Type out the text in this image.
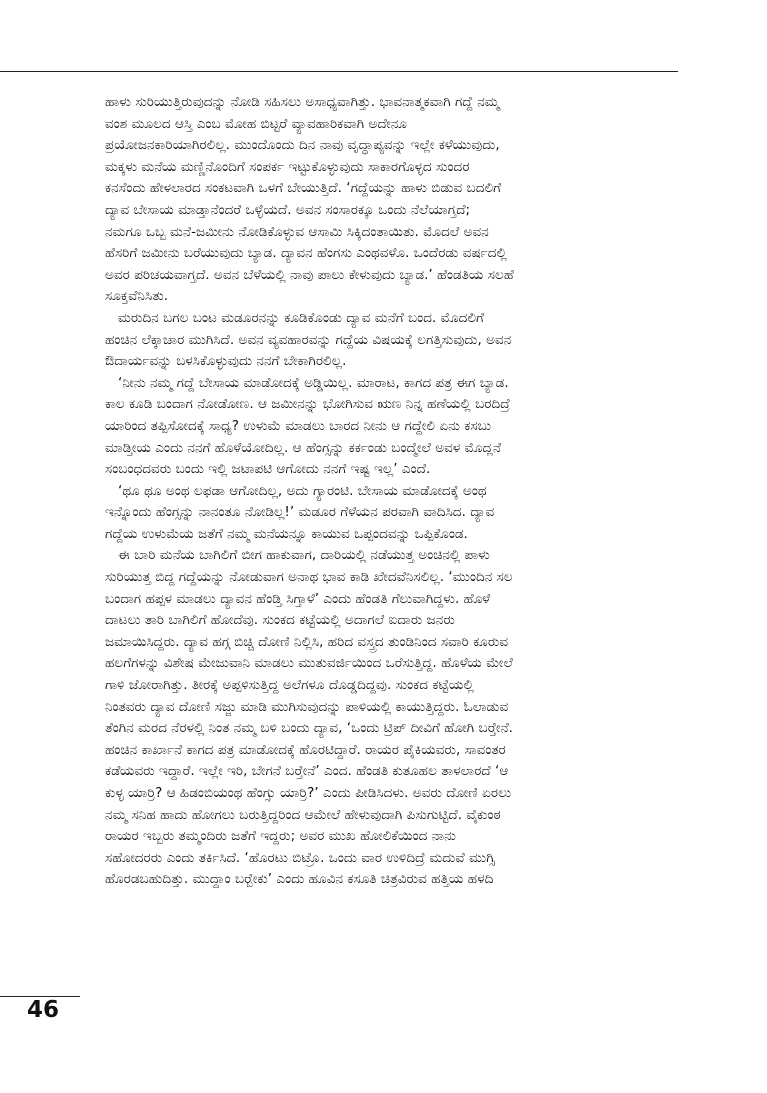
ಹಾಳು ಸುರಿಯುತ್ತಿರುವುದನ್ನು ನೋಡಿ ಸಹಿಸಲು ಅಸಾಧ್ಯವಾಗಿತ್ತು. ಭಾವನಾತ್ಮಕವಾಗಿ ಗದ್ದೆ ನಮ್ಮ
ವಂಶ ಮೂಲದ ಆಸ್ತಿ ಎಂಬ ಮೋಹ ಬಿಟ್ಟರೆ ವ್ಯಾವಹಾರಿಕವಾಗಿ ಅದೇನೂ
ಪ್ರಯೋಜನಕಾರಿಯಾಗಿರಲಿಲ್ಲ. ಮುಂದೊಂದು ದಿನ ನಾವು ವೃದ್ಧಾಪ್ಯವನ್ನು ಇಲ್ಲೇ ಕಳೆಯುವುದು,
ಮಕ್ಕಳು ಮನೆಯ ಮಣ್ಣಿನೊಂದಿಗೆ ಸಂಪರ್ಕ ಇಟ್ಟುಕೊಳ್ಳುವುದು ಸಾಕಾರಗೊಳ್ಳದ ಸುಂದರ
ಕನಸೆಂದು ಹೇಳಲಾರದ ಸಂಕಟವಾಗಿ ಒಳಗೆ ಬೇಯುತ್ತಿದೆ. ‘ಗದ್ದೆಯನ್ನು ಹಾಳು ಬಿಡುವ ಬದಲಿಗೆ
ದ್ಯಾವ ಬೇಸಾಯ ಮಾಡ್ತಾನೆಂದರೆ ಒಳ್ಳೆಯದೆ. ಅವನ ಸಂಸಾರಕ್ಕೂ ಒಂದು ನೆಲೆಯಾಗ್ತದೆ;
ನಮಗೂ ಒಬ್ಬ ಮನೆ-ಜಮೀನು ನೋಡಿಕೊಳ್ಳುವ ಆಸಾಮಿ ಸಿಕ್ಕಿದಂತಾಯಿತು. ಮೊದಲೆ ಅವನ
ಹೆಸರಿಗೆ ಜಮೀನು ಬರೆಯುವುದು ಬ್ಯಾಡ. ದ್ಯಾವನ ಹೆಂಗಸು ಎಂಥವಳೊ. ಒಂದೆರಡು ವರ್ಷದಲ್ಲಿ
ಅವರ ಪರಿಚಯವಾಗ್ತದೆ. ಅವನ ಬೆಳೆಯಲ್ಲಿ ನಾವು ಪಾಲು ಕೇಳುವುದು ಬ್ಯಾಡ.’ ಹೆಂಡತಿಯ ಸಲಹೆ
ಸೂಕ್ತವೆನಿಸಿತು.
ಮರುದಿನ ಬಗಲ ಬಂಟ ಮಡೂರನನ್ನು ಕೂಡಿಕೊಂಡು ದ್ಯಾವ ಮನೆಗೆ ಬಂದ. ಮೊದಲಿಗೆ
ಹಂಚಿನ ಲೆಕ್ಕಾಚಾರ ಮುಗಿಸಿದೆ. ಅವನ ವ್ಯವಹಾರವನ್ನು ಗದ್ದೆಯ ವಿಷಯಕ್ಕೆ ಲಗತ್ತಿಸುವುದು, ಅವನ
ಔದಾರ್ಯವನ್ನು ಬಳಸಿಕೊಳ್ಳುವುದು ನನಗೆ ಬೇಕಾಗಿರಲಿಲ್ಲ.
‘ನೀನು ನಮ್ಮ ಗದ್ದೆ ಬೇಸಾಯ ಮಾಡೋದಕ್ಕೆ ಅಡ್ಡಿಯಿಲ್ಲ. ಮಾರಾಟ, ಕಾಗದ ಪತ್ರ ಈಗ ಬ್ಯಾಡ.
ಕಾಲ ಕೂಡಿ ಬಂದಾಗ ನೋಡೋಣ. ಆ ಜಮೀನನ್ನು ಭೋಗಿಸುವ ಋಣ ನಿನ್ನ ಹಣೆಯಲ್ಲಿ ಬರದಿದ್ರೆ
ಯಾರಿಂದ ತಪ್ಪಿಸೋದಕ್ಕೆ ಸಾಧ್ಯ? ಉಳುಮೆ ಮಾಡಲು ಬಾರದ ನೀನು ಆ ಗದ್ದೇಲಿ ಏನು ಕಸಬು
ಮಾಡ್ತೀಯ ಎಂದು ನನಗೆ ಹೊಳೆಯೋದಿಲ್ಲ. ಆ ಹೆಂಗ್ಸನ್ನು ಕರ್ಕಂಡು ಬಂದ್ಮೇಲೆ ಅವಳ ಮೊದ್ಲನೆ
ಸಂಬಂಧದವರು ಬಂದು ಇಲ್ಲಿ ಜಟಾಪಟಿ ಆಗೋದು ನನಗೆ ಇಷ್ಟ ಇಲ್ಲ’ ಎಂದೆ.
‘ಥೂ ಥೂ ಅಂಥ ಲಫಡಾ ಆಗೋದಿಲ್ಲ, ಅದು ಗ್ಯಾರಂಟಿ. ಬೇಸಾಯ ಮಾಡೋದಕ್ಕೆ ಅಂಥ
ಇನ್ನೊಂದು ಹೆಂಗ್ಸನ್ನು ನಾನಂತೂ ನೋಡಿಲ್ಲ!’ ಮಡೂರ ಗೆಳೆಯನ ಪರವಾಗಿ ವಾದಿಸಿದ. ದ್ಯಾವ
ಗದ್ದೆಯ ಉಳುಮೆಯ ಜತೆಗೆ ನಮ್ಮ ಮನೆಯನ್ನೂ ಕಾಯುವ ಒಪ್ಪಂದವನ್ನು ಒಪ್ಪಿಕೊಂಡ.
ಈ ಬಾರಿ ಮನೆಯ ಬಾಗಿಲಿಗೆ ಬೀಗ ಹಾಕುವಾಗ, ದಾರಿಯಲ್ಲಿ ನಡೆಯುತ್ತ ಅಂಚಿನಲ್ಲಿ ಪಾಳು
ಸುರಿಯುತ್ತ ಬಿದ್ದ ಗದ್ದೆಯನ್ನು ನೋಡುವಾಗ ಅನಾಥ ಭಾವ ಕಾಡಿ ಖೇದವೆನಿಸಲಿಲ್ಲ. ‘ಮುಂದಿನ ಸಲ
ಬಂದಾಗ ಹಪ್ಪಳ ಮಾಡಲು ದ್ಯಾವನ ಹೆಂಡ್ತಿ ಸಿಗ್ತಾಳೆ’ ಎಂದು ಹೆಂಡತಿ ಗೆಲುವಾಗಿದ್ದಳು. ಹೊಳೆ
ದಾಟಲು ತಾರಿ ಬಾಗಿಲಿಗೆ ಹೋದೆವು. ಸುಂಕದ ಕಟ್ಟೆಯಲ್ಲಿ ಅದಾಗಲೆ ಐದಾರು ಜನರು
ಜಮಾಯಿಸಿದ್ದರು. ದ್ಯಾವ ಹಗ್ಗ ಬಿಚ್ಚಿ ದೋಣಿ ನಿಲ್ಲಿಸಿ, ಹರಿದ ವಸ್ತ್ರದ ತುಂಡಿನಿಂದ ಸವಾರಿ ಕೂರುವ
ಹಲಗೆಗಳನ್ನು ವಿಶೇಷ ಮೇಜುವಾನಿ ಮಾಡಲು ಮುತುವರ್ಜಿಯಿಂದ ಒರೆಸುತ್ತಿದ್ದ. ಹೊಳೆಯ ಮೇಲೆ
ಗಾಳಿ ಜೋರಾಗಿತ್ತು. ತೀರಕ್ಕೆ ಅಪ್ಪಳಿಸುತ್ತಿದ್ದ ಅಲೆಗಳೂ ದೊಡ್ಡದಿದ್ದವು. ಸುಂಕದ ಕಟ್ಟೆಯಲ್ಲಿ
ನಿಂತವರು ದ್ಯಾವ ದೋಣಿ ಸಜ್ಜು ಮಾಡಿ ಮುಗಿಸುವುದನ್ನು ಪಾಳಿಯಲ್ಲಿ ಕಾಯುತ್ತಿದ್ದರು. ಓಲಾಡುವ
ತೆಂಗಿನ ಮರದ ನೆರಳಲ್ಲಿ ನಿಂತ ನಮ್ಮ ಬಳಿ ಬಂದು ದ್ಯಾವ, ‘ಒಂದು ಟ್ರಿಪ್ ದೀವಿಗೆ ಹೋಗಿ ಬರ್‍ತೇನೆ.
ಹಂಚಿನ ಕಾರ್ಖಾನೆ ಕಾಗದ ಪತ್ರ ಮಾಡೋದಕ್ಕೆ ಹೊರಟಿದ್ದಾರೆ. ರಾಯರ ಪೈಕಿಯವರು, ಸಾವಂತರ
ಕಡೆಯವರು ಇದ್ದಾರೆ. ಇಲ್ಲೇ ಇರಿ, ಬೇಗನೆ ಬರ್‍ತೇನೆ’ ಎಂದ. ಹೆಂಡತಿ ಕುತೂಹಲ ತಾಳಲಾರದೆ ‘ಆ
ಕುಳ್ಳ ಯಾರ್‍ರಿ? ಆ ಹಿಡಂಬಿಯಂಥ ಹೆಂಗ್ಸು ಯಾರ್‍ರಿ?’ ಎಂದು ಪೀಡಿಸಿದಳು. ಅವರು ದೋಣಿ ಏರಲು
ನಮ್ಮ ಸನಿಹ ಹಾದು ಹೋಗಲು ಬರುತ್ತಿದ್ದರಿಂದ ಆಮೇಲೆ ಹೇಳುವುದಾಗಿ ಪಿಸುಗುಟ್ಟಿದೆ. ವೈಕುಂಠ
ರಾಯರ ಇಬ್ಬರು ತಮ್ಮಂದಿರು ಜತೆಗೆ ಇದ್ದರು; ಅವರ ಮುಖ ಹೋಲಿಕೆಯಿಂದ ನಾನು
ಸಹೋದರರು ಎಂದು ತರ್ಕಿಸಿದೆ. ‘ಹೊರಟು ಬಿಟ್ರೊ. ಒಂದು ವಾರ ಉಳಿದಿದ್ರೆ ಮದುವೆ ಮುಗ್ಸಿ
ಹೊರಡಬಹುದಿತ್ತು. ಮುದ್ದಾಂ ಬರ್‍ಬೇಕು’ ಎಂದು ಹೂವಿನ ಕಸೂತಿ ಚಿತ್ರವಿರುವ ಹತ್ತಿಯ ಹಳದಿ
46
